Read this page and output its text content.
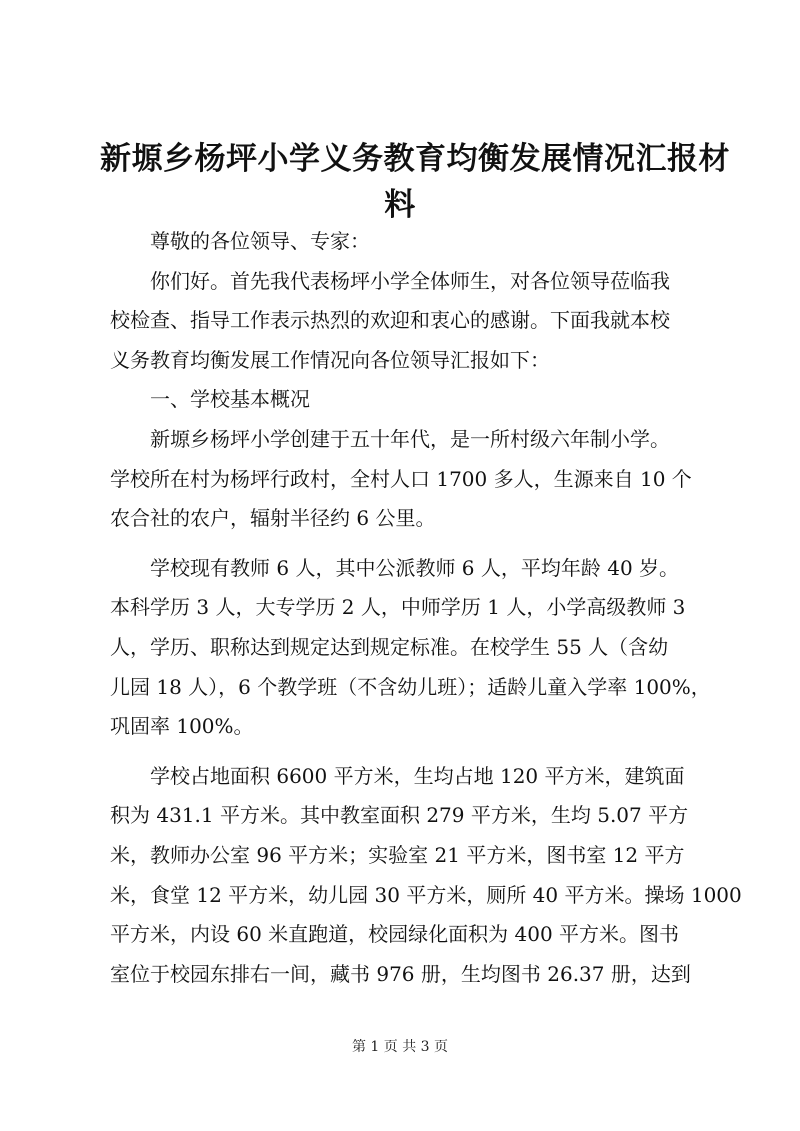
新塬乡杨坪小学义务教育均衡发展情况汇报材
料
尊敬的各位领导、专家：
你们好。首先我代表杨坪小学全体师生，对各位领导莅临我
校检查、指导工作表示热烈的欢迎和衷心的感谢。下面我就本校
义务教育均衡发展工作情况向各位领导汇报如下：
一、学校基本概况
新塬乡杨坪小学创建于五十年代，是一所村级六年制小学。
学校所在村为杨坪行政村，全村人口 1700 多人，生源来自 10 个
农合社的农户，辐射半径约 6 公里。
学校现有教师 6 人，其中公派教师 6 人，平均年龄 40 岁。
本科学历 3 人，大专学历 2 人，中师学历 1 人，小学高级教师 3
人，学历、职称达到规定达到规定标准。在校学生 55 人（含幼
儿园 18 人），6 个教学班（不含幼儿班）；适龄儿童入学率 100%，
巩固率 100%。
学校占地面积 6600 平方米，生均占地 120 平方米，建筑面
积为 431.1 平方米。其中教室面积 279 平方米，生均 5.07 平方
米，教师办公室 96 平方米；实验室 21 平方米，图书室 12 平方
米，食堂 12 平方米，幼儿园 30 平方米，厕所 40 平方米。操场 1000
平方米，内设 60 米直跑道，校园绿化面积为 400 平方米。图书
室位于校园东排右一间，藏书 976 册，生均图书 26.37 册，达到
第 1 页 共 3 页
